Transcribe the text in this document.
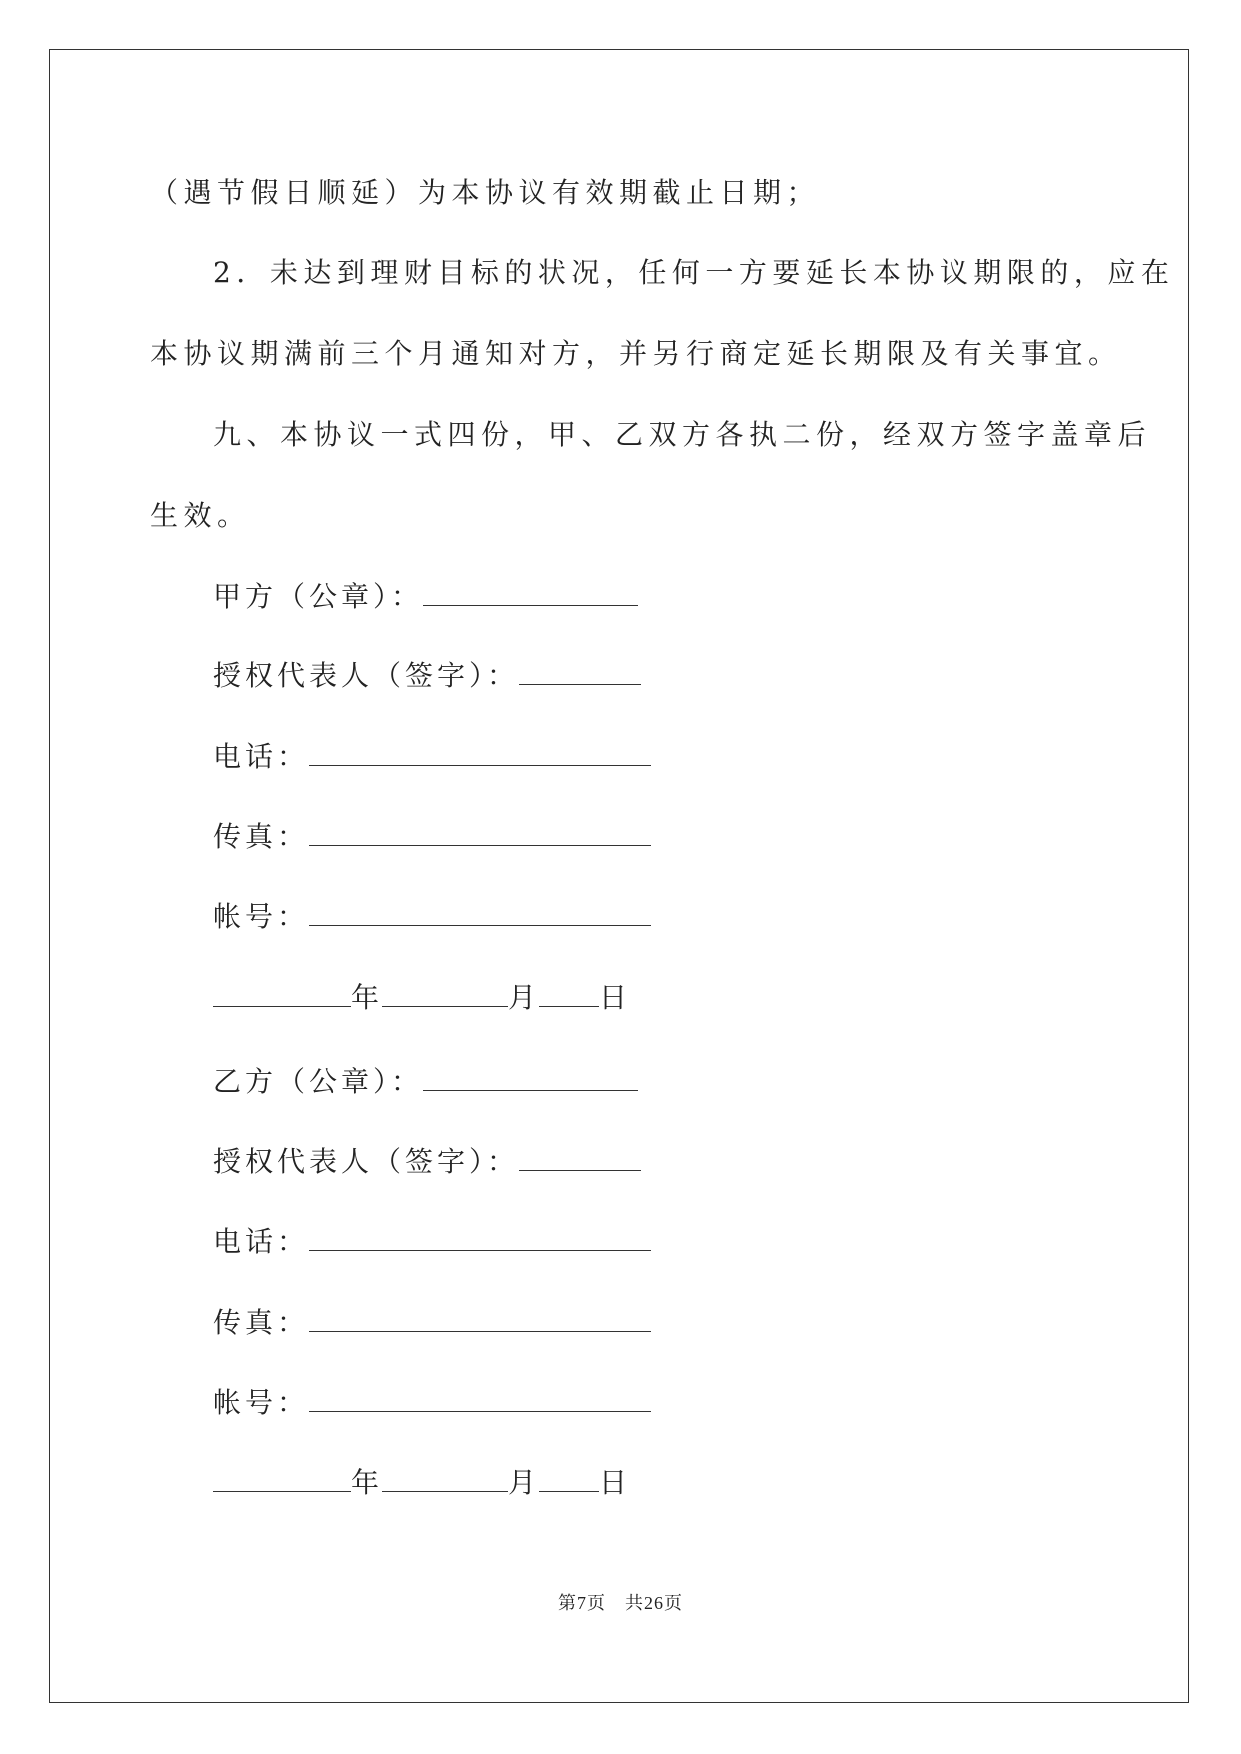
（遇节假日顺延）为本协议有效期截止日期；
2．未达到理财目标的状况，任何一方要延长本协议期限的，应在
本协议期满前三个月通知对方，并另行商定延长期限及有关事宜。
九、本协议一式四份，甲、乙双方各执二份，经双方签字盖章后
生效。
甲方（公章）：
授权代表人（签字）：
电话：
传真：
帐号：
年	月 日
乙方（公章）：
授权代表人（签字）：
电话：
传真：
帐号：
年	月 日
第7页　共26页
